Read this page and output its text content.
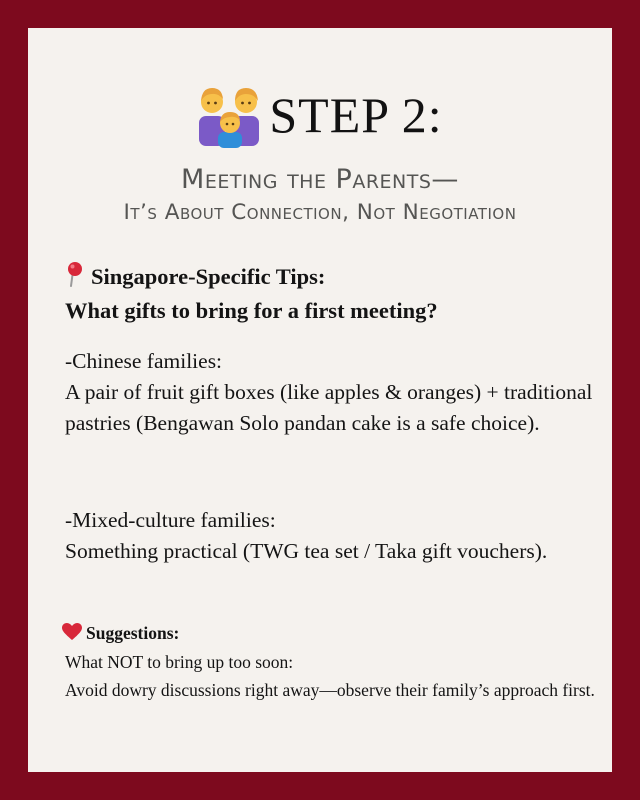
STEP 2:
Meeting the Parents—
It’s About Connection, Not Negotiation
Singapore-Specific Tips:
What gifts to bring for a first meeting?
-Chinese families:
A pair of fruit gift boxes (like apples & oranges) + traditional pastries (Bengawan Solo pandan cake is a safe choice).
-Mixed-culture families:
Something practical (TWG tea set / Taka gift vouchers).
Suggestions:
What NOT to bring up too soon:
Avoid dowry discussions right away—observe their family’s approach first.
